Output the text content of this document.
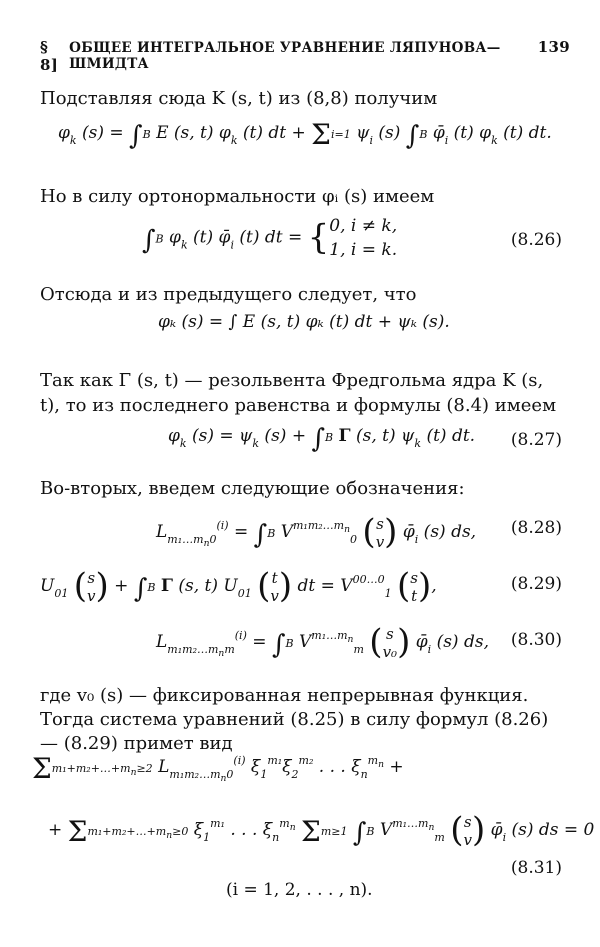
§ 8]
ОБЩЕЕ ИНТЕГРАЛЬНОЕ УРАВНЕНИЕ ЛЯПУНОВА—ШМИДТА
139
Подставляя сюда K (s, t) из (8,8) получим
$\varphi_k$ (s) = ∫B E (s, t) $\varphi_k$ (t) dt + Σi=1 $\psi_i$ (s) ∫B $\varphī_i$ (t) $\varphi_k$ (t) dt.
Но в силу ортонормальности φᵢ (s) имеем
∫B $\varphi_k$ (t) $\varphī_i$ (t) dt = {0, i ≠ k,
1, i = k.	(8.26)
Отсюда и из предыдущего следует, что
φₖ (s) = ∫ E (s, t) φₖ (t) dt + ψₖ (s).
Так как Γ (s, t) — резольвента Фредгольма ядра K (s, t), то из последнего равенства и формулы (8.4) имеем
$\varphi_k$ $(s) = \psi_k$ (s) + ∫B Γ (s, t) $\psi_k$ (t) dt. (8.27)
Во-вторых, введем следующие обозначения:
$L_{m_1\dots m_n0}^{(i)} = \int B$ $V^{m_1m_2\dots m_n}_0$ (s
v) $\varphī_i$ (s) ds, (8.28)
$U_{01}$ (s
v) + ∫B Γ (s, t) $U_{01}$ (t
v) dt = $V^{00\dots 0}_1$ (s
t),	(8.29)
$L_{m_1m_2\dots m_nm}^{(i)} = \int B$ $V^{m_1\dots m_n}_m$ ( s
v₀) $\varphī_i$ (s) ds, (8.30)
где v₀ (s) — фиксированная непрерывная функция. Тогда система уравнений (8.25) в силу формул (8.26) — (8.29) примет вид
$\Sigma m_1+m_2+\dots+m_n\ge 2$ $L_{m_1m_2\dots m_n0}^{(i)}$ $\xi_1^{m_1}\xi_2^{m_2}$ . . . $\xi_n^{m_n}$ +
+ $\Sigma m_1+m_2+\dots+m_n\ge 0$ $\xi_1^{m_1}$ . . . $\xi_n^{m_n}$ Σm≥1 ∫B $V^{m_1\dots m_n}_m$ (s
v) $\varphī_i$ (s) ds = 0
(8.31)
(i = 1, 2, . . . , n).
